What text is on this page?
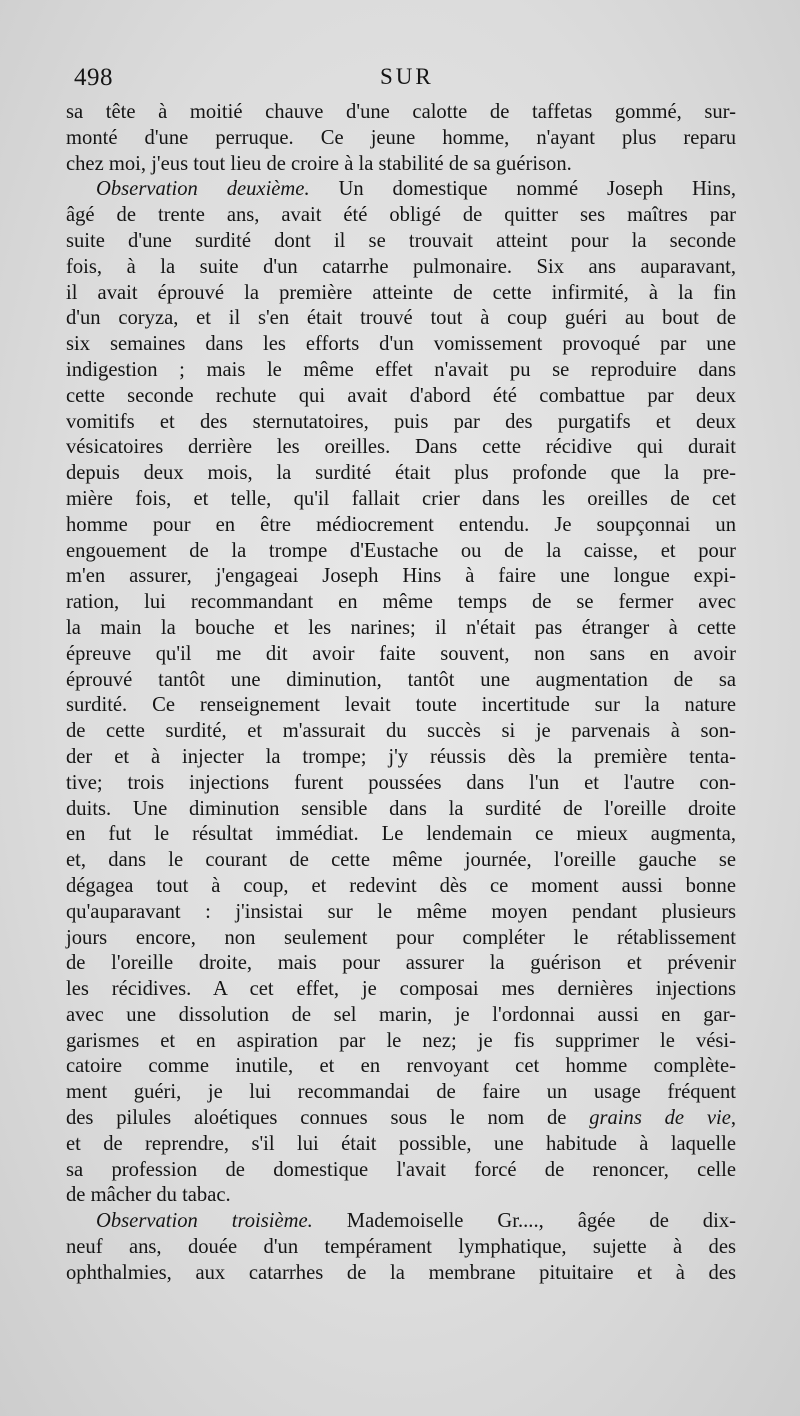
498	SUR
sa tête à moitié chauve d'une calotte de taffetas gommé, sur-
monté d'une perruque. Ce jeune homme, n'ayant plus reparu
chez moi, j'eus tout lieu de croire à la stabilité de sa guérison.
Observation deuxième. Un domestique nommé Joseph Hins,
âgé de trente ans, avait été obligé de quitter ses maîtres par
suite d'une surdité dont il se trouvait atteint pour la seconde
fois, à la suite d'un catarrhe pulmonaire. Six ans auparavant,
il avait éprouvé la première atteinte de cette infirmité, à la fin
d'un coryza, et il s'en était trouvé tout à coup guéri au bout de
six semaines dans les efforts d'un vomissement provoqué par une
indigestion ; mais le même effet n'avait pu se reproduire dans
cette seconde rechute qui avait d'abord été combattue par deux
vomitifs et des sternutatoires, puis par des purgatifs et deux
vésicatoires derrière les oreilles. Dans cette récidive qui durait
depuis deux mois, la surdité était plus profonde que la pre-
mière fois, et telle, qu'il fallait crier dans les oreilles de cet
homme pour en être médiocrement entendu. Je soupçonnai un
engouement de la trompe d'Eustache ou de la caisse, et pour
m'en assurer, j'engageai Joseph Hins à faire une longue expi-
ration, lui recommandant en même temps de se fermer avec
la main la bouche et les narines; il n'était pas étranger à cette
épreuve qu'il me dit avoir faite souvent, non sans en avoir
éprouvé tantôt une diminution, tantôt une augmentation de sa
surdité. Ce renseignement levait toute incertitude sur la nature
de cette surdité, et m'assurait du succès si je parvenais à son-
der et à injecter la trompe; j'y réussis dès la première tenta-
tive; trois injections furent poussées dans l'un et l'autre con-
duits. Une diminution sensible dans la surdité de l'oreille droite
en fut le résultat immédiat. Le lendemain ce mieux augmenta,
et, dans le courant de cette même journée, l'oreille gauche se
dégagea tout à coup, et redevint dès ce moment aussi bonne
qu'auparavant : j'insistai sur le même moyen pendant plusieurs
jours encore, non seulement pour compléter le rétablissement
de l'oreille droite, mais pour assurer la guérison et prévenir
les récidives. A cet effet, je composai mes dernières injections
avec une dissolution de sel marin, je l'ordonnai aussi en gar-
garismes et en aspiration par le nez; je fis supprimer le vési-
catoire comme inutile, et en renvoyant cet homme complète-
ment guéri, je lui recommandai de faire un usage fréquent
des pilules aloétiques connues sous le nom de grains de vie,
et de reprendre, s'il lui était possible, une habitude à laquelle
sa profession de domestique l'avait forcé de renoncer, celle
de mâcher du tabac.
Observation troisième. Mademoiselle Gr...., âgée de dix-
neuf ans, douée d'un tempérament lymphatique, sujette à des
ophthalmies, aux catarrhes de la membrane pituitaire et à des
